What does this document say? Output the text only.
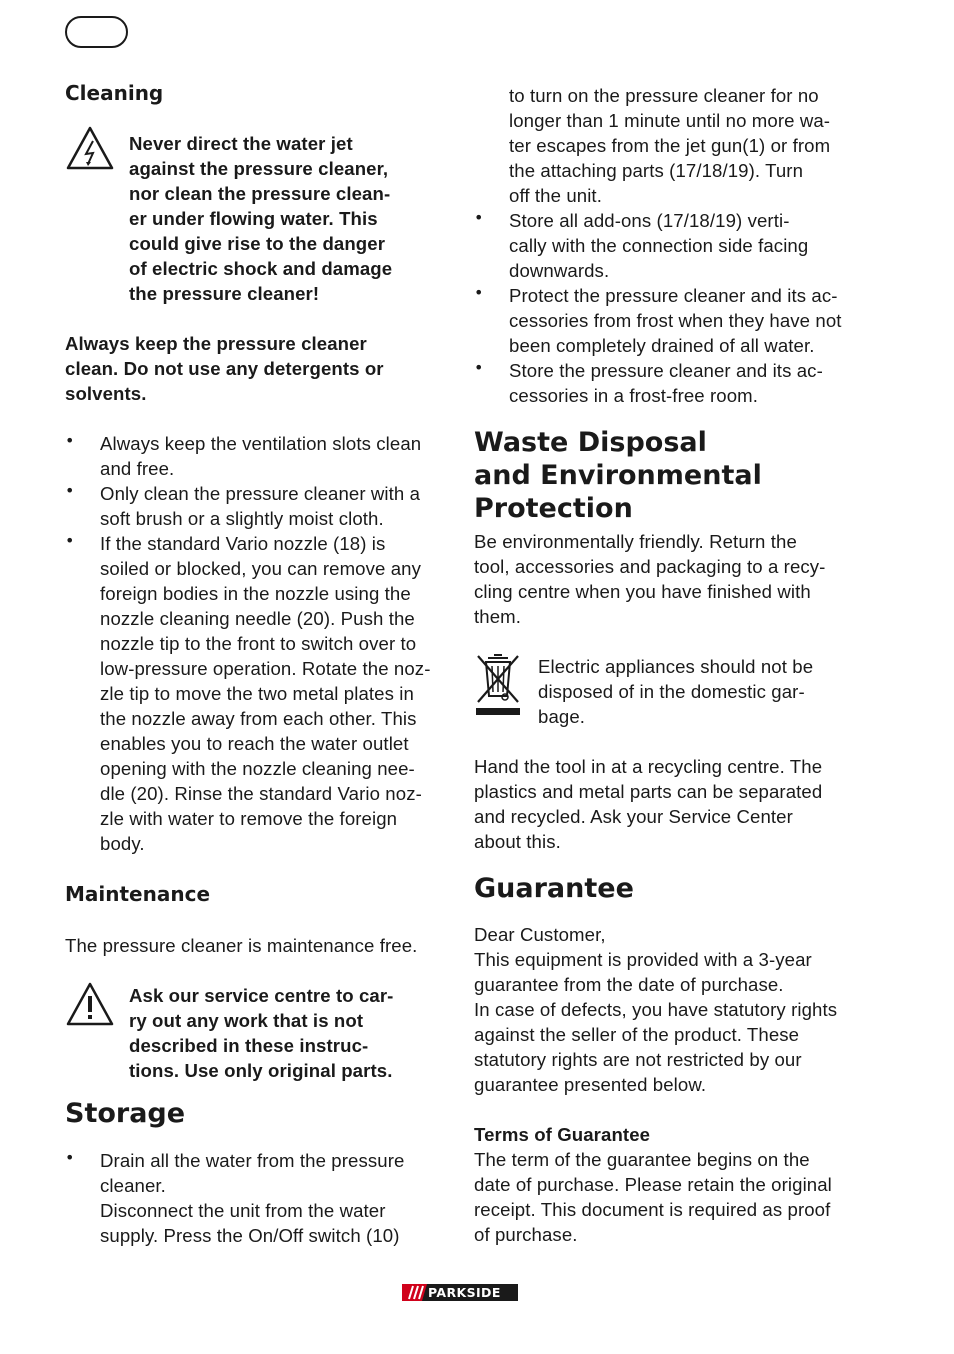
Cleaning

Never direct the water jet

against the pressure cleaner,

nor clean the pressure clean-

er under flowing water. This

could give rise to the danger

of electric shock and damage

the pressure cleaner!

Always keep the pressure cleaner

clean. Do not use any detergents or

solvents.

• Always keep the ventilation slots clean

and free.

• Only clean the pressure cleaner with a

soft brush or a slightly moist cloth.

• If the standard Vario nozzle (18) is

soiled or blocked, you can remove any

foreign bodies in the nozzle using the

nozzle cleaning needle (20). Push the

nozzle tip to the front to switch over to

low-pressure operation. Rotate the noz-

zle tip to move the two metal plates in

the nozzle away from each other. This

enables you to reach the water outlet

opening with the nozzle cleaning nee-

dle (20). Rinse the standard Vario noz-

zle with water to remove the foreign

body.

Maintenance

The pressure cleaner is maintenance free.

Ask our service centre to car-

ry out any work that is not

described in these instruc-

tions. Use only original parts.

Storage

• Drain all the water from the pressure

cleaner.

Disconnect the unit from the water

supply. Press the On/Off switch (10)

to turn on the pressure cleaner for no

longer than 1 minute until no more wa-

ter escapes from the jet gun(1) or from

the attaching parts (17/18/19). Turn

off the unit.

• Store all add-ons (17/18/19) verti-

cally with the connection side facing

downwards.

• Protect the pressure cleaner and its ac-

cessories from frost when they have not

been completely drained of all water.

• Store the pressure cleaner and its ac-

cessories in a frost-free room.

Waste Disposal

and Environmental

Protection

Be environmentally friendly. Return the

tool, accessories and packaging to a recy-

cling centre when you have finished with

them.

Electric appliances should not be

disposed of in the domestic gar-

bage.

Hand the tool in at a recycling centre. The

plastics and metal parts can be separated

and recycled. Ask your Service Center

about this.

Guarantee

Dear Customer,

This equipment is provided with a 3-year

guarantee from the date of purchase.

In case of defects, you have statutory rights

against the seller of the product. These

statutory rights are not restricted by our

guarantee presented below.

Terms of Guarantee

The term of the guarantee begins on the

date of purchase. Please retain the original

receipt. This document is required as proof

of purchase.

PARKSIDE
